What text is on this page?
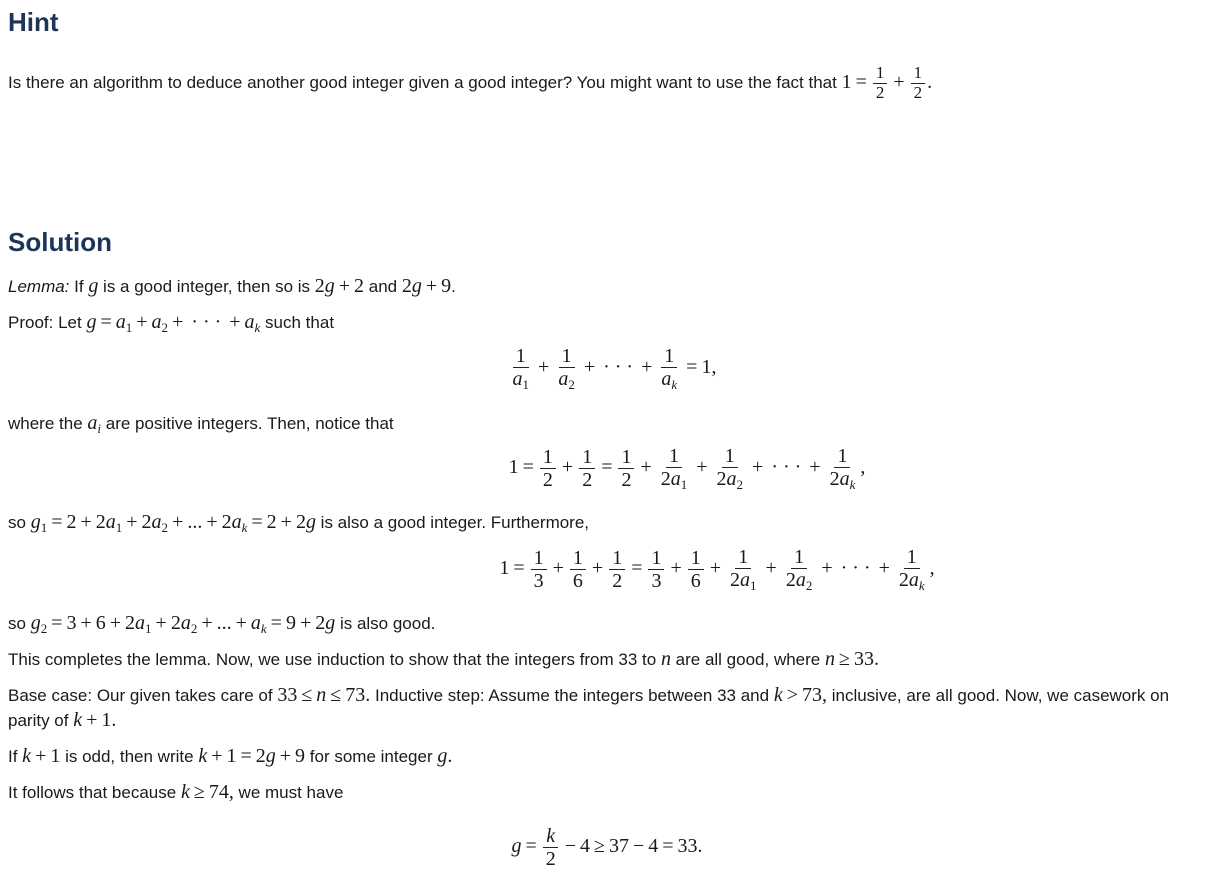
Hint
Is there an algorithm to deduce another good integer given a good integer? You might want to use the fact that $1 = \frac{1}{2} + \frac{1}{2}$ .
Solution
Lemma: If g is a good integer, then so is 2g + 2 and 2g + 9.
Proof: Let $g = a_1 + a_2$ + · · · + $a_k$ such that
$\frac{1}{a_1} + \frac{1}{a_2}$ + · · · + $\frac{1}{a_k} = 1$,
where the $a_i$ are positive integers. Then, notice that
$1 = \frac{1}{2} + \frac{1}{2} = \frac{1}{2} + \frac{1}{2a_1} + \frac{1}{2a_2}$ + · · · + $\frac{1}{2a_k}$ ,
so $g_1 = 2 + 2a_1 + 2a_2$ + ... + $2a_k = 2 + 2g$ is also a good integer. Furthermore,
$1 = \frac{1}{3} + \frac{1}{6} + \frac{1}{2} = \frac{1}{3} + \frac{1}{6} + \frac{1}{2a_1} + \frac{1}{2a_2}$ + · · · + $\frac{1}{2a_k}$ ,
so $g_2 = 3 + 6 + 2a_1 + 2a_2$ + ... + $a_k = 9 + 2g$ is also good.
This completes the lemma. Now, we use induction to show that the integers from 33 to n are all good, where n ≥ 33.
Base case: Our given takes care of 33 ≤ n ≤ 73. Inductive step: Assume the integers between 33 and k > 73, inclusive, are all good. Now, we casework on parity of k + 1.
If k + 1 is odd, then write k + 1 = 2g + 9 for some integer g.
It follows that because k ≥ 74, we must have
$g = \frac{k}{2} - 4 \ge 37 - 4 = 33$.
